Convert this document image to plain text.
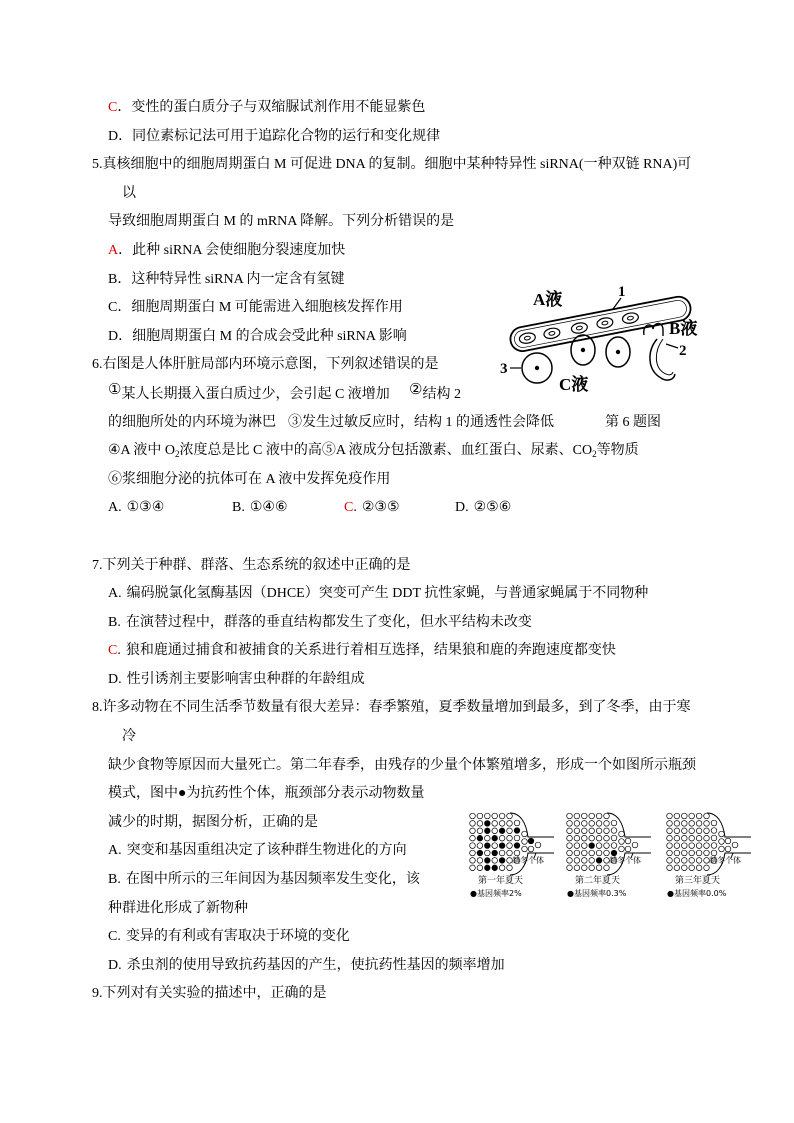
C．变性的蛋白质分子与双缩脲试剂作用不能显紫色
D．同位素标记法可用于追踪化合物的运行和变化规律
5.真核细胞中的细胞周期蛋白 M 可促进 DNA 的复制。细胞中某种特异性 siRNA(一种双链 RNA)可
以
导致细胞周期蛋白 M 的 mRNA 降解。下列分析错误的是
A．此种 siRNA 会使细胞分裂速度加快
B．这种特异性 siRNA 内一定含有氢键
C．细胞周期蛋白 M 可能需进入细胞核发挥作用
D．细胞周期蛋白 M 的合成会受此种 siRNA 影响
6.右图是人体肝脏局部内环境示意图，下列叙述错误的是
①某人长期摄入蛋白质过少，会引起 C 液增加 ②结构 2
的细胞所处的内环境为淋巴 ③发生过敏反应时，结构 1 的通透性会降低	第 6 题图
④A 液中 $O_2$浓度总是比 C 液中的高⑤A 液成分包括激素、血红蛋白、尿素、$CO_2$等物质
⑥浆细胞分泌的抗体可在 A 液中发挥免疫作用
A. ①③④	B. ①④⑥	C. ②③⑤	D. ②⑤⑥
7.下列关于种群、群落、生态系统的叙述中正确的是
A. 编码脱氯化氢酶基因（DHCE）突变可产生 DDT 抗性家蝇，与普通家蝇属于不同物种
B. 在演替过程中，群落的垂直结构都发生了变化，但水平结构未改变
C. 狼和鹿通过捕食和被捕食的关系进行着相互选择，结果狼和鹿的奔跑速度都变快
D. 性引诱剂主要影响害虫种群的年龄组成
8.许多动物在不同生活季节数量有很大差异：春季繁殖，夏季数量增加到最多，到了冬季，由于寒
冷
缺少食物等原因而大量死亡。第二年春季，由残存的少量个体繁殖增多，形成一个如图所示瓶颈
模式，图中●为抗药性个体，瓶颈部分表示动物数量
减少的时期，据图分析，正确的是
A. 突变和基因重组决定了该种群生物进化的方向
B. 在图中所示的三年间因为基因频率发生变化，该
种群进化形成了新物种
C. 变异的有利或有害取决于环境的变化
D. 杀虫剂的使用导致抗药基因的产生，使抗药性基因的频率增加
9.下列对有关实验的描述中，正确的是
A液	1
B液
2
3
C液
越冬个体
第一年夏天
●基因频率2%
越冬个体
第二年夏天
●基因频率0.3%
越冬个体
第三年夏天
●基因频率0.0%
